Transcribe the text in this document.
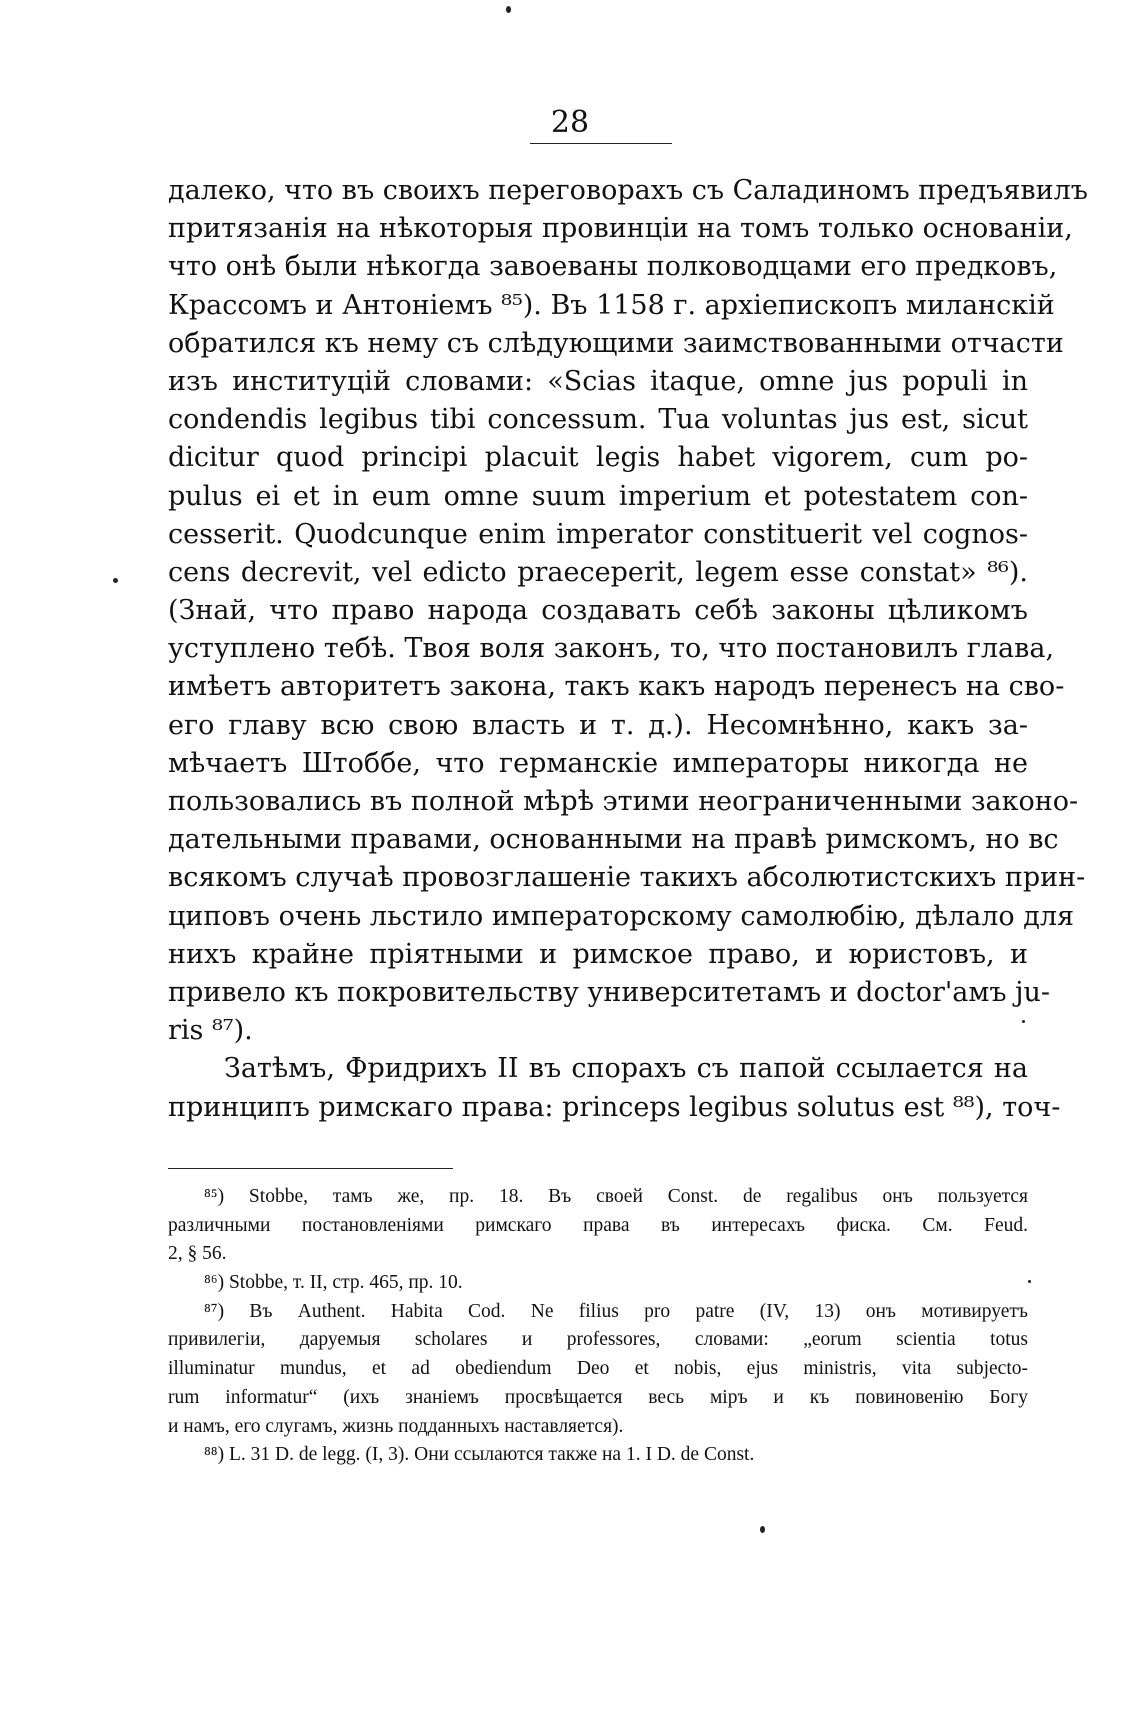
28
далеко, что въ своихъ переговорахъ съ Саладиномъ предъявилъ
притязанія на нѣкоторыя провинціи на томъ только основаніи,
что онѣ были нѣкогда завоеваны полководцами его предковъ,
Крассомъ и Антоніемъ ⁸⁵). Въ 1158 г. архіепископъ миланскій
обратился къ нему съ слѣдующими заимствованными отчасти
изъ институцій словами: «Scias itaque, omne jus populi in
condendis legibus tibi concessum. Tua voluntas jus est, sicut
dicitur quod principi placuit legis habet vigorem, cum po-
pulus ei et in eum omne suum imperium et potestatem con-
cesserit. Quodcunque enim imperator constituerit vel cognos-
cens decrevit, vel edicto praeceperit, legem esse constat» ⁸⁶).
(Знай, что право народа создавать себѣ законы цѣликомъ
уступлено тебѣ. Твоя воля законъ, то, что постановилъ глава,
имѣетъ авторитетъ закона, такъ какъ народъ перенесъ на сво-
его главу всю свою власть и т. д.). Несомнѣнно, какъ за-
мѣчаетъ Штоббе, что германскіе императоры никогда не
пользовались въ полной мѣрѣ этими неограниченными законо-
дательными правами, основанными на правѣ римскомъ, но вс
всякомъ случаѣ провозглашеніе такихъ абсолютистскихъ прин-
циповъ очень льстило императорскому самолюбію, дѣлало для
нихъ крайне пріятными и римское право, и юристовъ, и
привело къ покровительству университетамъ и doctor'амъ ju-
ris ⁸⁷).
Затѣмъ, Фридрихъ II въ спорахъ съ папой ссылается на
принципъ римскаго права: princeps legibus solutus est ⁸⁸), точ-
⁸⁵) Stobbe, тамъ же, пр. 18. Въ своей Const. de regalibus онъ пользуется
различными постановленіями римскаго права въ интересахъ фиска. См. Feud.
2, § 56.
⁸⁶) Stobbe, т. II, стр. 465, пр. 10.
⁸⁷) Въ Authent. Habita Cod. Ne filius pro patre (IV, 13) онъ мотивируетъ
привилегіи, даруемыя scholares и professores, словами: „eorum scientia totus
illuminatur mundus, et ad obediendum Deo et nobis, ejus ministris, vita subjecto-
rum informatur“ (ихъ знаніемъ просвѣщается весь міръ и къ повиновенію Богу
и намъ, его слугамъ, жизнь подданныхъ наставляется).
⁸⁸) L. 31 D. de legg. (I, 3). Они ссылаются также на 1. I D. de Const.
